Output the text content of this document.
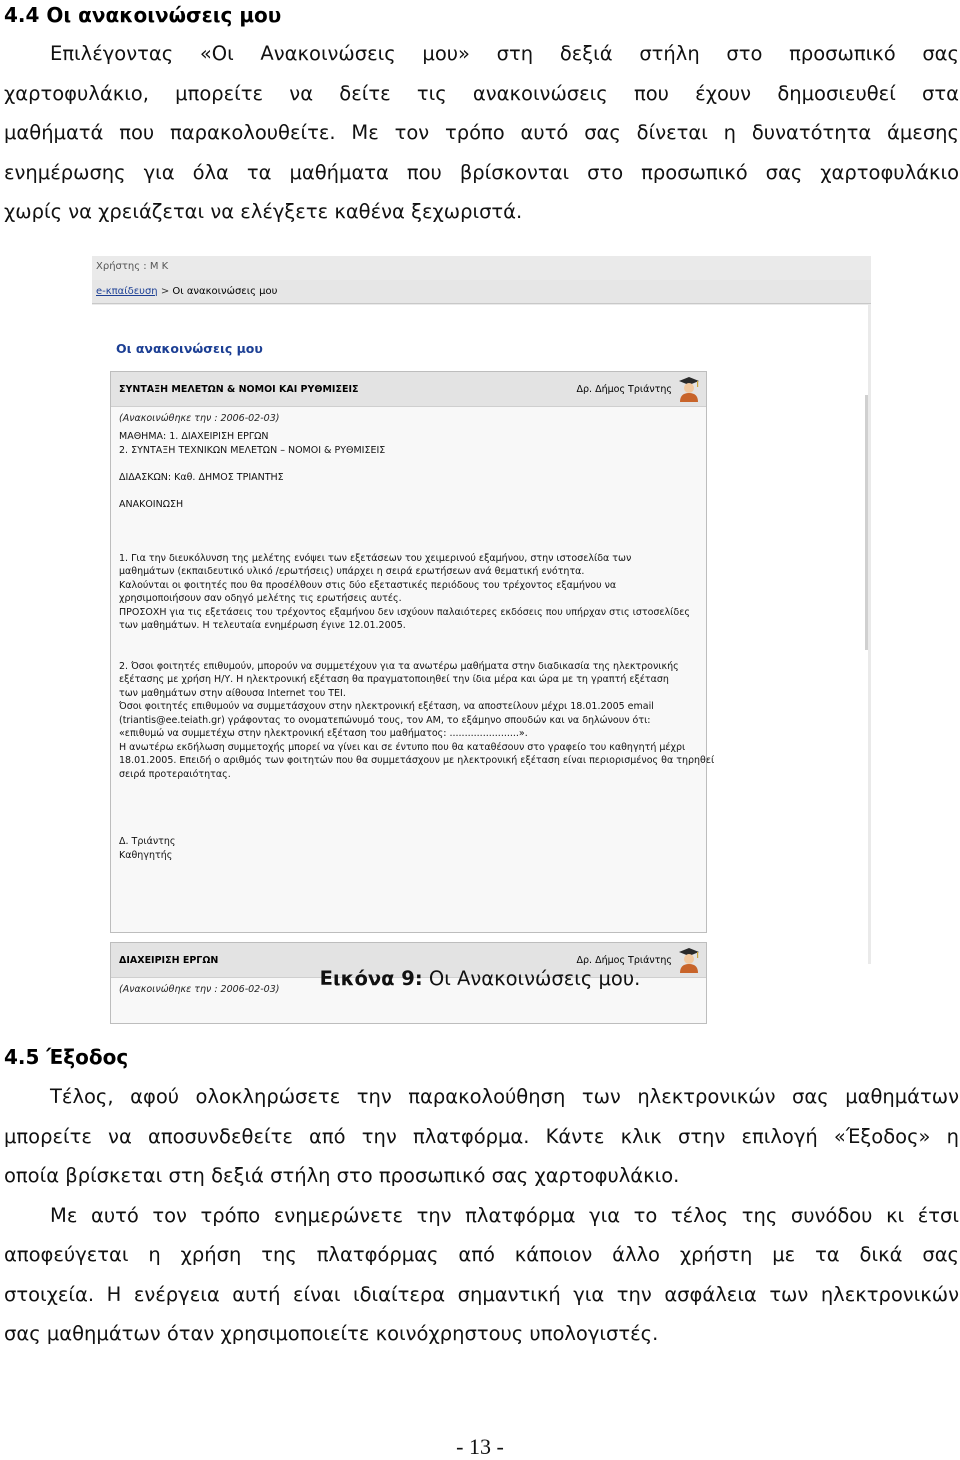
4.4 Οι ανακοινώσεις μου
Επιλέγοντας «Οι Ανακοινώσεις μου» στη δεξιά στήλη στο προσωπικό σας
χαρτοφυλάκιο, μπορείτε να δείτε τις ανακοινώσεις που έχουν δημοσιευθεί στα
μαθήματά που παρακολουθείτε. Με τον τρόπο αυτό σας δίνεται η δυνατότητα άμεσης
ενημέρωσης για όλα τα μαθήματα που βρίσκονται στο προσωπικό σας χαρτοφυλάκιο
χωρίς να χρειάζεται να ελέγξετε καθένα ξεχωριστά.
Χρήστης : Μ Κ
e-κπαίδευση > Οι ανακοινώσεις μου
Οι ανακοινώσεις μου
ΣΥΝΤΑΞΗ ΜΕΛΕΤΩΝ & ΝΟΜΟΙ ΚΑΙ ΡΥΘΜΙΣΕΙΣ	Δρ. Δήμος Τριάντης
(Ανακοινώθηκε την : 2006-02-03)
ΜΑΘΗΜΑ: 1. ΔΙΑΧΕΙΡΙΣΗ ΕΡΓΩΝ
2. ΣΥΝΤΑΞΗ ΤΕΧΝΙΚΩΝ ΜΕΛΕΤΩΝ – ΝΟΜΟΙ & ΡΥΘΜΙΣΕΙΣ
ΔΙΔΑΣΚΩΝ: Καθ. ΔΗΜΟΣ ΤΡΙΑΝΤΗΣ
ΑΝΑΚΟΙΝΩΣΗ
1. Για την διευκόλυνση της μελέτης ενόψει των εξετάσεων του χειμερινού εξαμήνου, στην ιστοσελίδα των
μαθημάτων (εκπαιδευτικό υλικό /ερωτήσεις) υπάρχει η σειρά ερωτήσεων ανά θεματική ενότητα.
Καλούνται οι φοιτητές που θα προσέλθουν στις δύο εξεταστικές περιόδους του τρέχοντος εξαμήνου να
χρησιμοποιήσουν σαν οδηγό μελέτης τις ερωτήσεις αυτές.
ΠΡΟΣΟΧΗ για τις εξετάσεις του τρέχοντος εξαμήνου δεν ισχύουν παλαιότερες εκδόσεις που υπήρχαν στις ιστοσελίδες
των μαθημάτων. Η τελευταία ενημέρωση έγινε 12.01.2005.
2. Όσοι φοιτητές επιθυμούν, μπορούν να συμμετέχουν για τα ανωτέρω μαθήματα στην διαδικασία της ηλεκτρονικής
εξέτασης με χρήση Η/Υ. Η ηλεκτρονική εξέταση θα πραγματοποιηθεί την ίδια μέρα και ώρα με τη γραπτή εξέταση
των μαθημάτων στην αίθουσα Internet του ΤΕΙ.
Όσοι φοιτητές επιθυμούν να συμμετάσχουν στην ηλεκτρονική εξέταση, να αποστείλουν μέχρι 18.01.2005 email
(triantis@ee.teiath.gr) γράφοντας το ονοματεπώνυμό τους, τον ΑΜ, το εξάμηνο σπουδών και να δηλώνουν ότι:
«επιθυμώ να συμμετέχω στην ηλεκτρονική εξέταση του μαθήματος: .......................».
Η ανωτέρω εκδήλωση συμμετοχής μπορεί να γίνει και σε έντυπο που θα καταθέσουν στο γραφείο του καθηγητή μέχρι
18.01.2005. Επειδή ο αριθμός των φοιτητών που θα συμμετάσχουν με ηλεκτρονική εξέταση είναι περιορισμένος θα τηρηθεί
σειρά προτεραιότητας.
Δ. Τριάντης
Καθηγητής
ΔΙΑΧΕΙΡΙΣΗ ΕΡΓΩΝ	Δρ. Δήμος Τριάντης
(Ανακοινώθηκε την : 2006-02-03)	Εικόνα 9: Οι Ανακοινώσεις μου.
4.5 Έξοδος
Τέλος, αφού ολοκληρώσετε την παρακολούθηση των ηλεκτρονικών σας μαθημάτων
μπορείτε να αποσυνδεθείτε από την πλατφόρμα. Κάντε κλικ στην επιλογή «Έξοδος» η
οποία βρίσκεται στη δεξιά στήλη στο προσωπικό σας χαρτοφυλάκιο.
Με αυτό τον τρόπο ενημερώνετε την πλατφόρμα για το τέλος της συνόδου κι έτσι
αποφεύγεται η χρήση της πλατφόρμας από κάποιον άλλο χρήστη με τα δικά σας
στοιχεία. Η ενέργεια αυτή είναι ιδιαίτερα σημαντική για την ασφάλεια των ηλεκτρονικών
σας μαθημάτων όταν χρησιμοποιείτε κοινόχρηστους υπολογιστές.
- 13 -
